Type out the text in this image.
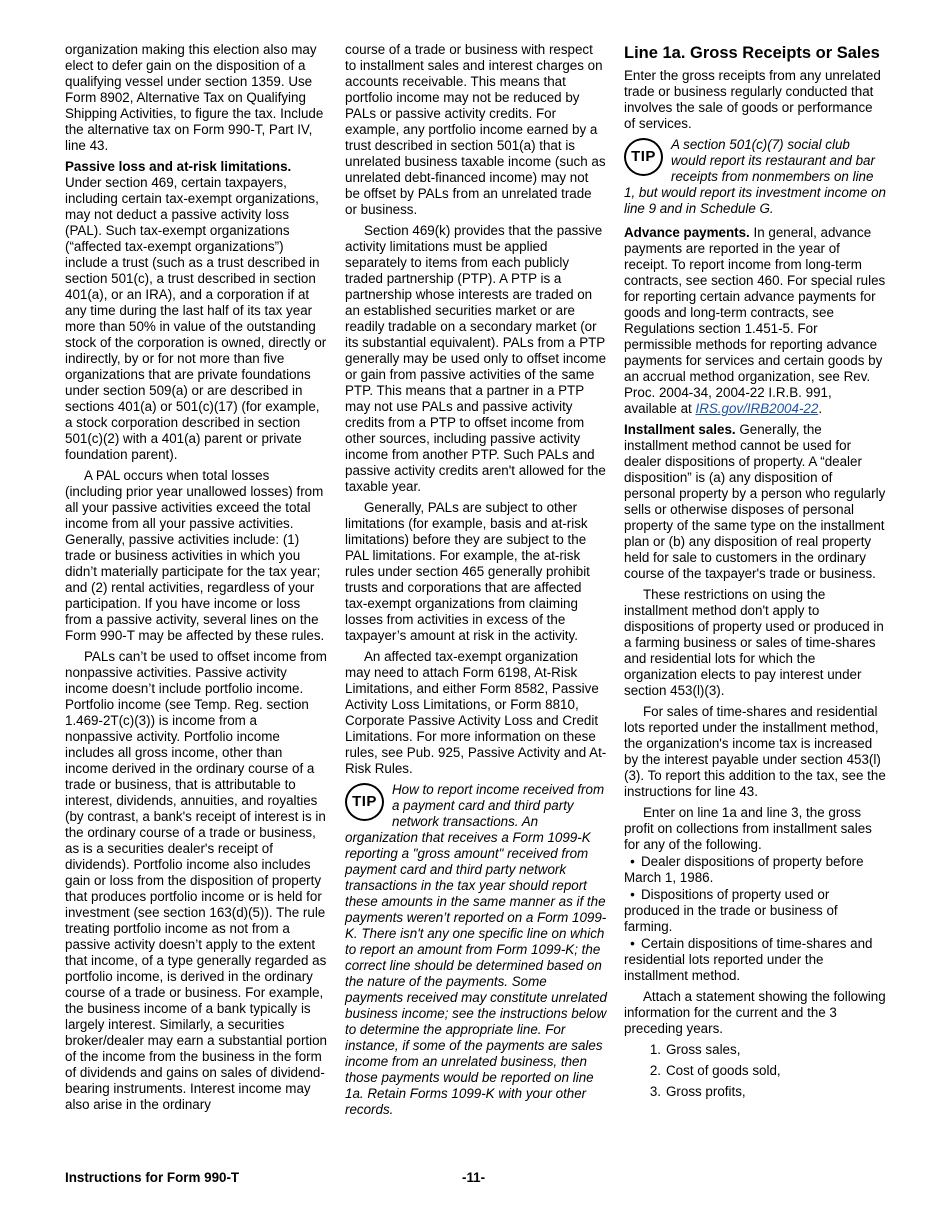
organization making this election also may elect to defer gain on the disposition of a qualifying vessel under section 1359. Use Form 8902, Alternative Tax on Qualifying Shipping Activities, to figure the tax. Include the alternative tax on Form 990-T, Part IV, line 43.

Passive loss and at-risk limitations.
Under section 469, certain taxpayers, including certain tax-exempt organizations, may not deduct a passive activity loss (PAL). Such tax-exempt organizations (“affected tax-exempt organizations”) include a trust (such as a trust described in section 501(c), a trust described in section 401(a), or an IRA), and a corporation if at any time during the last half of its tax year more than 50% in value of the outstanding stock of the corporation is owned, directly or indirectly, by or for not more than five organizations that are private foundations under section 509(a) or are described in sections 401(a) or 501(c)(17) (for example, a stock corporation described in section 501(c)(2) with a 401(a) parent or private foundation parent).

A PAL occurs when total losses (including prior year unallowed losses) from all your passive activities exceed the total income from all your passive activities. Generally, passive activities include: (1) trade or business activities in which you didn’t materially participate for the tax year; and (2) rental activities, regardless of your participation. If you have income or loss from a passive activity, several lines on the Form 990-T may be affected by these rules.

PALs can’t be used to offset income from nonpassive activities. Passive activity income doesn’t include portfolio income. Portfolio income (see Temp. Reg. section 1.469-2T(c)(3)) is income from a nonpassive activity. Portfolio income includes all gross income, other than income derived in the ordinary course of a trade or business, that is attributable to interest, dividends, annuities, and royalties (by contrast, a bank's receipt of interest is in the ordinary course of a trade or business, as is a securities dealer's receipt of dividends). Portfolio income also includes gain or loss from the disposition of property that produces portfolio income or is held for investment (see section 163(d)(5)). The rule treating portfolio income as not from a passive activity doesn’t apply to the extent that income, of a type generally regarded as portfolio income, is derived in the ordinary course of a trade or business. For example, the business income of a bank typically is largely interest. Similarly, a securities broker/dealer may earn a substantial portion of the income from the business in the form of dividends and gains on sales of dividend-bearing instruments. Interest income may also arise in the ordinary

course of a trade or business with respect to installment sales and interest charges on accounts receivable. This means that portfolio income may not be reduced by PALs or passive activity credits. For example, any portfolio income earned by a trust described in section 501(a) that is unrelated business taxable income (such as unrelated debt-financed income) may not be offset by PALs from an unrelated trade or business.

Section 469(k) provides that the passive activity limitations must be applied separately to items from each publicly traded partnership (PTP). A PTP is a partnership whose interests are traded on an established securities market or are readily tradable on a secondary market (or its substantial equivalent). PALs from a PTP generally may be used only to offset income or gain from passive activities of the same PTP. This means that a partner in a PTP may not use PALs and passive activity credits from a PTP to offset income from other sources, including passive activity income from another PTP. Such PALs and passive activity credits aren't allowed for the taxable year.

Generally, PALs are subject to other limitations (for example, basis and at-risk limitations) before they are subject to the PAL limitations. For example, the at-risk rules under section 465 generally prohibit trusts and corporations that are affected tax-exempt organizations from claiming losses from activities in excess of the taxpayer’s amount at risk in the activity.

An affected tax-exempt organization may need to attach Form 6198, At-Risk Limitations, and either Form 8582, Passive Activity Loss Limitations, or Form 8810, Corporate Passive Activity Loss and Credit Limitations. For more information on these rules, see Pub. 925, Passive Activity and At-Risk Rules.

TIP
How to report income received from a payment card and third party network transactions. An organization that receives a Form 1099-K reporting a "gross amount" received from payment card and third party network transactions in the tax year should report these amounts in the same manner as if the payments weren’t reported on a Form 1099-K. There isn't any one specific line on which to report an amount from Form 1099-K; the correct line should be determined based on the nature of the payments. Some payments received may constitute unrelated business income; see the instructions below to determine the appropriate line. For instance, if some of the payments are sales income from an unrelated business, then those payments would be reported on line 1a. Retain Forms 1099-K with your other records.
Line 1a. Gross Receipts or Sales

Enter the gross receipts from any unrelated trade or business regularly conducted that involves the sale of goods or performance of services.

TIP
A section 501(c)(7) social club would report its restaurant and bar receipts from nonmembers on line 1, but would report its investment income on line 9 and in Schedule G.

Advance payments. In general, advance payments are reported in the year of receipt. To report income from long-term contracts, see section 460. For special rules for reporting certain advance payments for goods and long-term contracts, see Regulations section 1.451-5. For permissible methods for reporting advance payments for services and certain goods by an accrual method organization, see Rev. Proc. 2004-34, 2004-22 I.R.B. 991, available at IRS.gov/IRB2004-22.

Installment sales. Generally, the installment method cannot be used for dealer dispositions of property. A “dealer disposition” is (a) any disposition of personal property by a person who regularly sells or otherwise disposes of personal property of the same type on the installment plan or (b) any disposition of real property held for sale to customers in the ordinary course of the taxpayer's trade or business.

These restrictions on using the installment method don't apply to dispositions of property used or produced in a farming business or sales of time-shares and residential lots for which the organization elects to pay interest under section 453(l)(3).

For sales of time-shares and residential lots reported under the installment method, the organization's income tax is increased by the interest payable under section 453(l)(3). To report this addition to the tax, see the instructions for line 43.

Enter on line 1a and line 3, the gross profit on collections from installment sales for any of the following.

• Dealer dispositions of property before March 1, 1986.
• Dispositions of property used or produced in the trade or business of farming.
• Certain dispositions of time-shares and residential lots reported under the installment method.

Attach a statement showing the following information for the current and the 3 preceding years.

1. Gross sales,
2. Cost of goods sold,
3. Gross profits,
Instructions for Form 990-T	-11-
